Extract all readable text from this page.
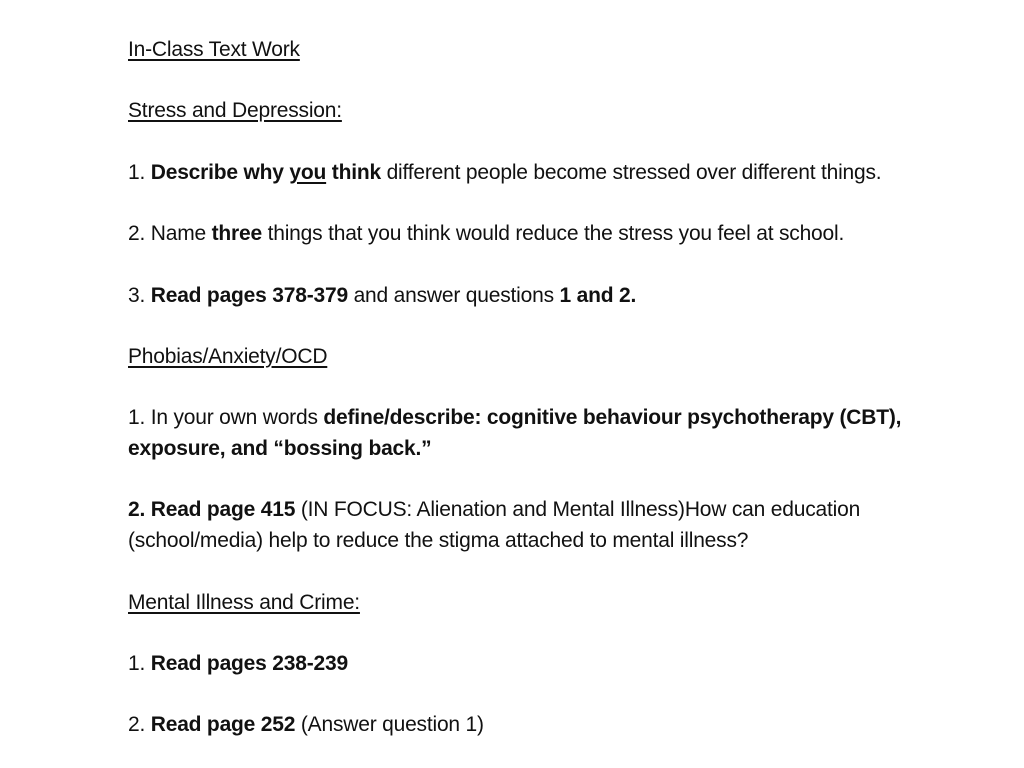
In-Class Text Work
Stress and Depression:
1. Describe why you think different people become stressed over different things.
2. Name three things that you think would reduce the stress you feel at school.
3. Read pages 378-379 and answer questions 1 and 2.
Phobias/Anxiety/OCD
1. In your own words define/describe: cognitive behaviour psychotherapy (CBT), exposure, and “bossing back.”
2. Read page 415 (IN FOCUS: Alienation and Mental Illness)How can education (school/media) help to reduce the stigma attached to mental illness?
Mental Illness and Crime:
1. Read pages 238-239
2. Read page 252 (Answer question 1)
